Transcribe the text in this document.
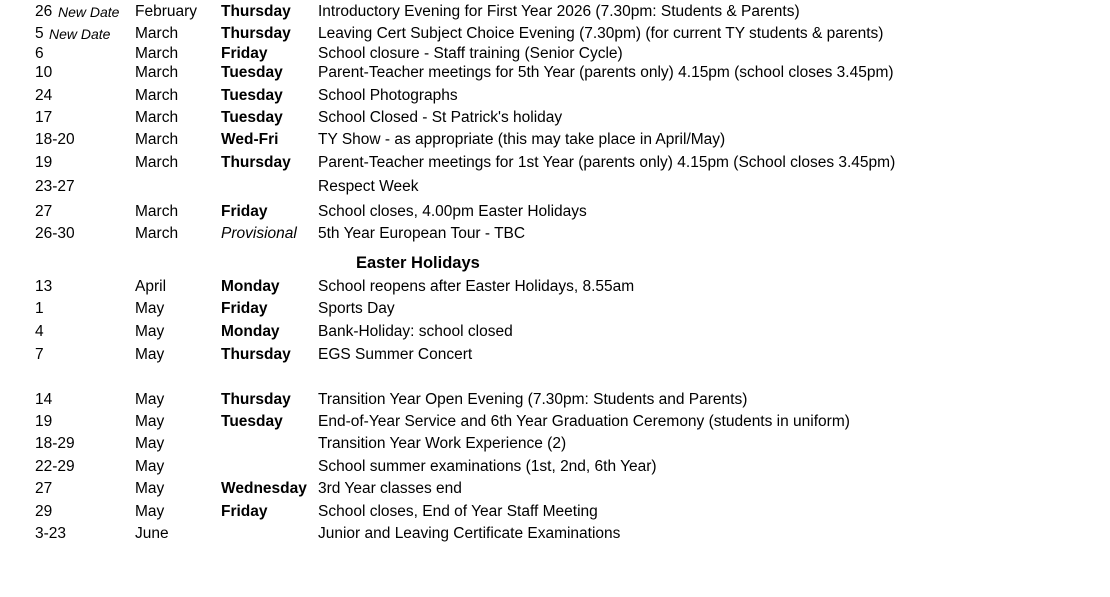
26 New Date February Thursday Introductory Evening for First Year 2026 (7.30pm: Students & Parents)
5 New Date March	Thursday Leaving Cert Subject Choice Evening (7.30pm) (for current TY students & parents)
6	March	Friday	School closure - Staff training (Senior Cycle)
10	March	Tuesday Parent-Teacher meetings for 5th Year (parents only) 4.15pm (school closes 3.45pm)
24	March	Tuesday School Photographs
17	March	Tuesday School Closed - St Patrick's holiday
18-20	March	Wed-Fri	TY Show - as appropriate (this may take place in April/May)
19	March	Thursday Parent-Teacher meetings for 1st Year (parents only) 4.15pm (School closes 3.45pm)
23-27	Respect Week
27	March	Friday	School closes, 4.00pm Easter Holidays
26-30	March	Provisional 5th Year European Tour - TBC
13	April	Monday School reopens after Easter Holidays, 8.55am
1	May	Friday	Sports Day
4	May	Monday Bank-Holiday: school closed
7	May	Thursday EGS Summer Concert
14	May	Thursday Transition Year Open Evening (7.30pm: Students and Parents)
19	May	Tuesday End-of-Year Service and 6th Year Graduation Ceremony (students in uniform)
18-29	May	Transition Year Work Experience (2)
22-29	May	School summer examinations (1st, 2nd, 6th Year)
27	May	Wednesday 3rd Year classes end
29	May	Friday	School closes, End of Year Staff Meeting
3-23	June	Junior and Leaving Certificate Examinations
Easter Holidays
